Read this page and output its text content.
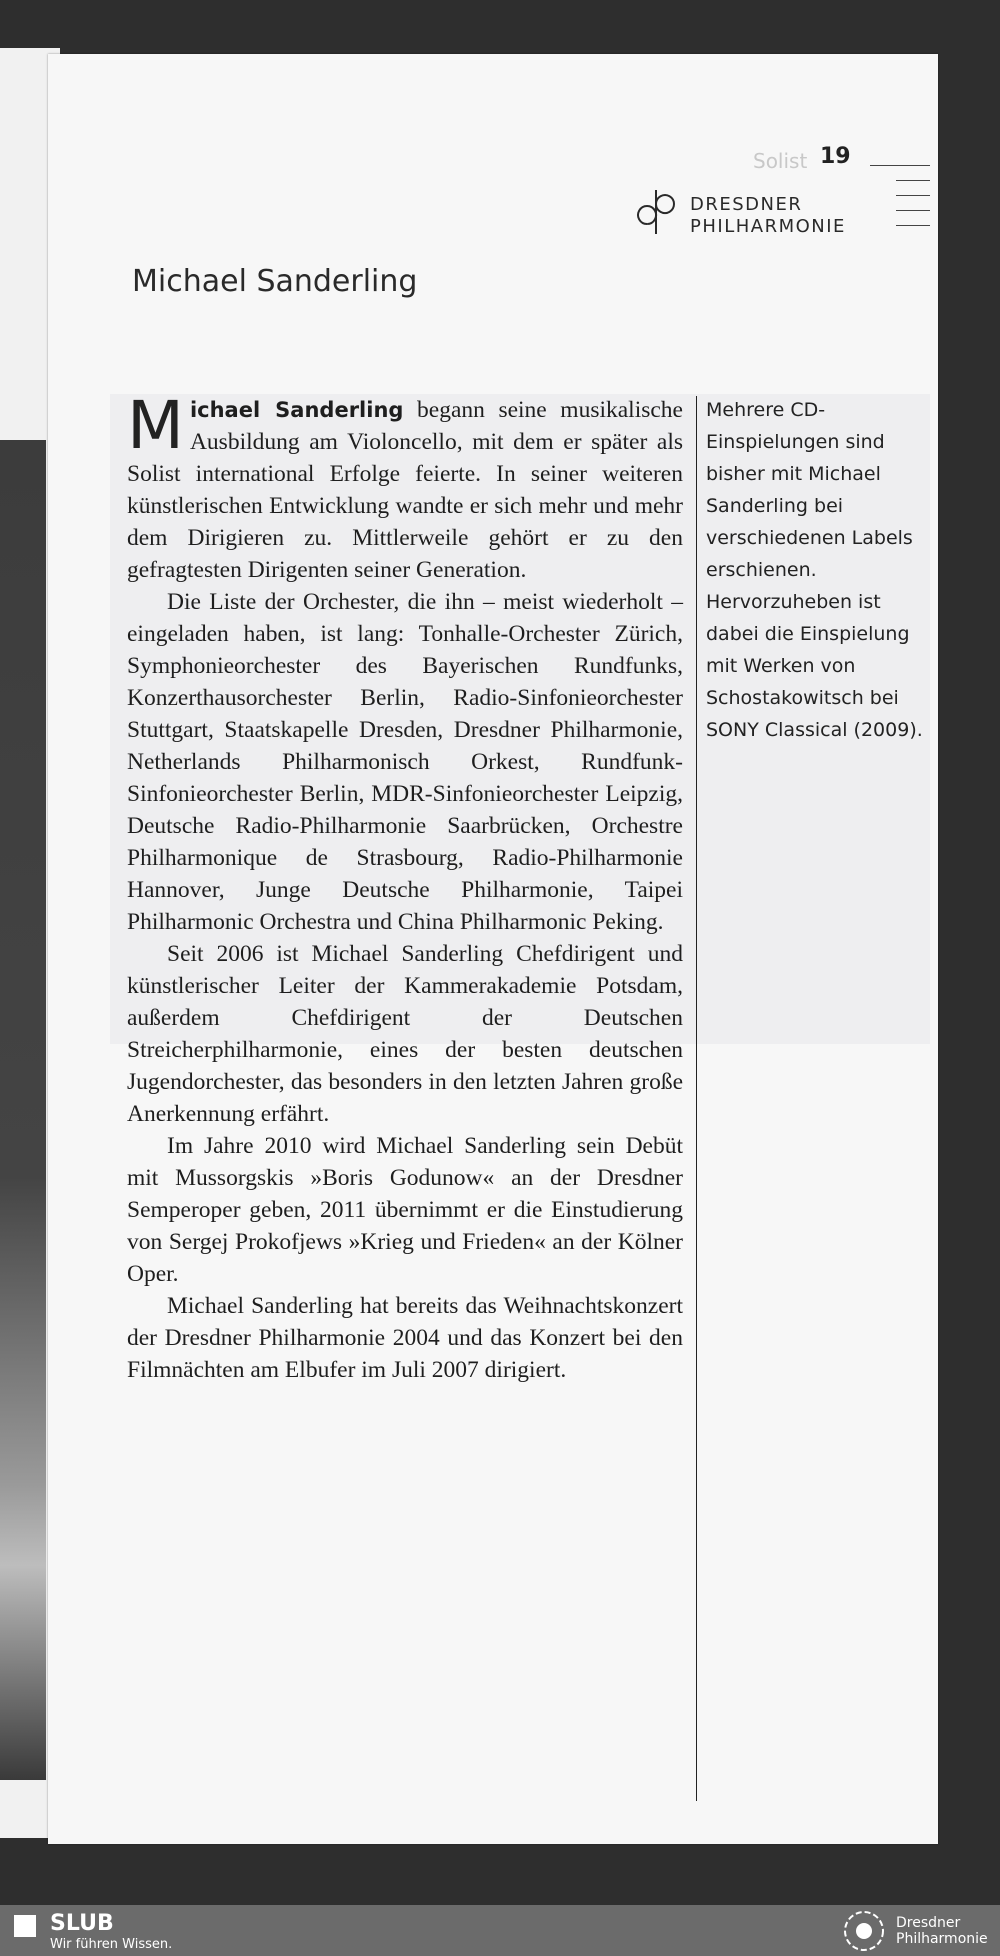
Solist 19
DRESDNER
PHILHARMONIE
Michael Sanderling

Michael Sanderling begann seine musikalische Ausbildung am Violoncello, mit dem er später als Solist international Erfolge feierte. In seiner weiteren künstlerischen Entwicklung wandte er sich mehr und mehr dem Dirigieren zu. Mittlerweile gehört er zu den gefragtesten Dirigenten seiner Generation.

Die Liste der Orchester, die ihn – meist wiederholt – eingeladen haben, ist lang: Tonhalle-Orchester Zürich, Symphonieorchester des Bayerischen Rundfunks, Konzerthausorchester Berlin, Radio-Sinfonieorchester Stuttgart, Staatskapelle Dresden, Dresdner Philharmonie, Netherlands Philharmonisch Orkest, Rundfunk-Sinfonieorchester Berlin, MDR-Sinfonieorchester Leipzig, Deutsche Radio-Philharmonie Saarbrücken, Orchestre Philharmonique de Strasbourg, Radio-Philharmonie Hannover, Junge Deutsche Philharmonie, Taipei Philharmonic Orchestra und China Philharmonic Peking.

Seit 2006 ist Michael Sanderling Chefdirigent und künstlerischer Leiter der Kammerakademie Potsdam, außerdem Chefdirigent der Deutschen Streicherphilharmonie, eines der besten deutschen Jugendorchester, das besonders in den letzten Jahren große Anerkennung erfährt.

Im Jahre 2010 wird Michael Sanderling sein Debüt mit Mussorgskis »Boris Godunow« an der Dresdner Semperoper geben, 2011 übernimmt er die Einstudierung von Sergej Prokofjews »Krieg und Frieden« an der Kölner Oper.

Michael Sanderling hat bereits das Weihnachtskonzert der Dresdner Philharmonie 2004 und das Konzert bei den Filmnächten am Elbufer im Juli 2007 dirigiert.

Mehrere CD-Einspielungen sind bisher mit Michael Sanderling bei verschiedenen Labels erschienen.

Hervorzuheben ist dabei die Einspielung mit Werken von Schostakowitsch bei SONY Classical (2009).

SLUB
Wir führen Wissen.
Dresdner
Philharmonie
